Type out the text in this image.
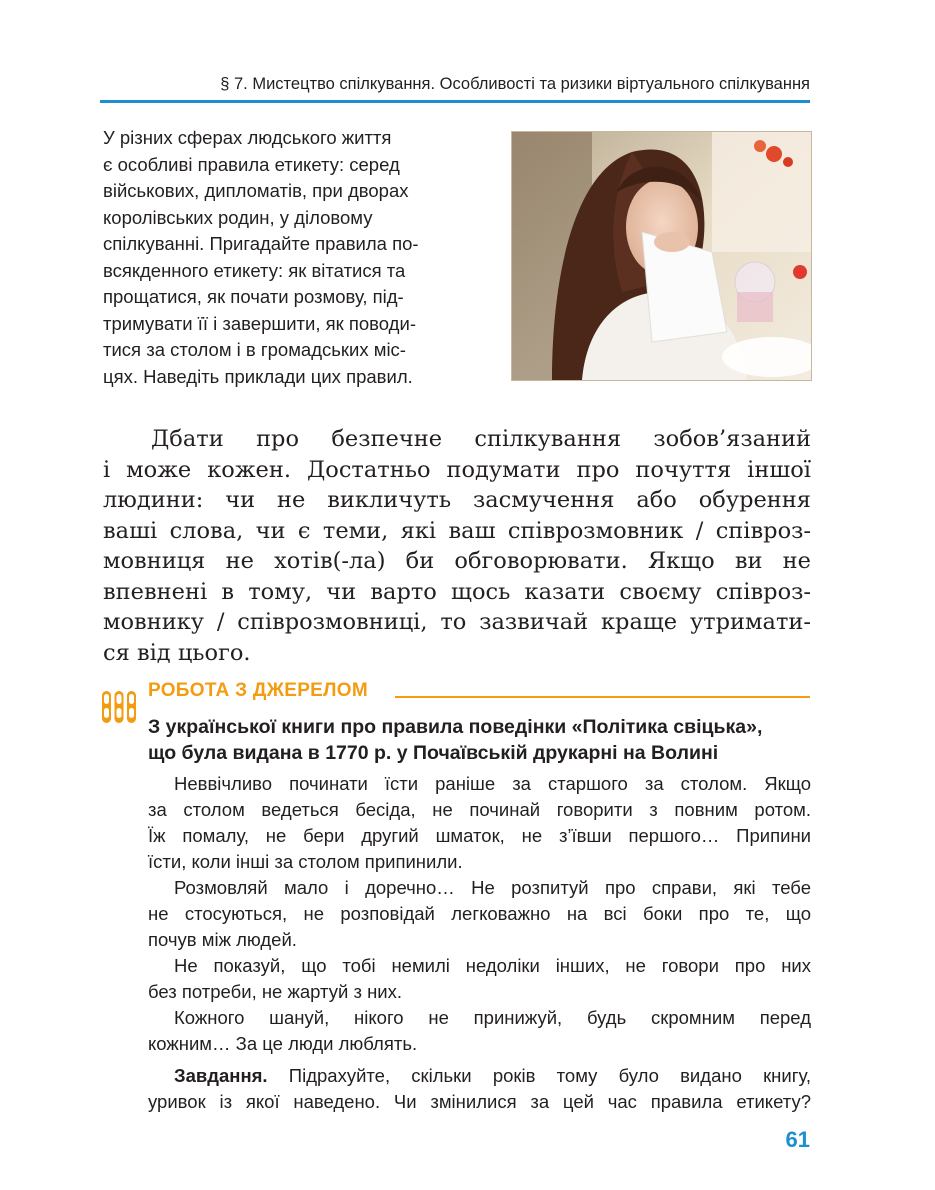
§ 7. Мистецтво спілкування. Особливості та ризики віртуального спілкування

У різних сферах людського життя
є особливі правила етикету: серед
військових, дипломатів, при дворах
королівських родин, у діловому
спілкуванні. Пригадайте правила по-
всякденного етикету: як вітатися та
прощатися, як почати розмову, під-
тримувати її і завершити, як поводи-
тися за столом і в громадських міс-
цях. Наведіть приклади цих правил.

Дбати про безпечне спілкування зобов’язаний
і може кожен. Достатньо подумати про почуття іншої
людини: чи не викличуть засмучення або обурення
ваші слова, чи є теми, які ваш співрозмовник / співроз-
мовниця не хотів(-ла) би обговорювати. Якщо ви не
впевнені в тому, чи варто щось казати своєму співроз-
мовнику / співрозмовниці, то зазвичай краще утримати-
ся від цього.

РОБОТА З ДЖЕРЕЛОМ

З української книги про правила поведінки «Політика свіцька»,
що була видана в 1770 р. у Почаївській друкарні на Волині

Неввічливо починати їсти раніше за старшого за столом. Якщо
за столом ведеться бесіда, не починай говорити з повним ротом.
Їж помалу, не бери другий шматок, не з’ївши першого… Припини
їсти, коли інші за столом припинили.

Розмовляй мало і доречно… Не розпитуй про справи, які тебе
не стосуються, не розповідай легковажно на всі боки про те, що
почув між людей.

Не показуй, що тобі немилі недоліки інших, не говори про них
без потреби, не жартуй з них.

Кожного шануй, нікого не принижуй, будь скромним перед
кожним… За це люди люблять.

Завдання. Підрахуйте, скільки років тому було видано книгу,
уривок із якої наведено. Чи змінилися за цей час правила етикету?

61
